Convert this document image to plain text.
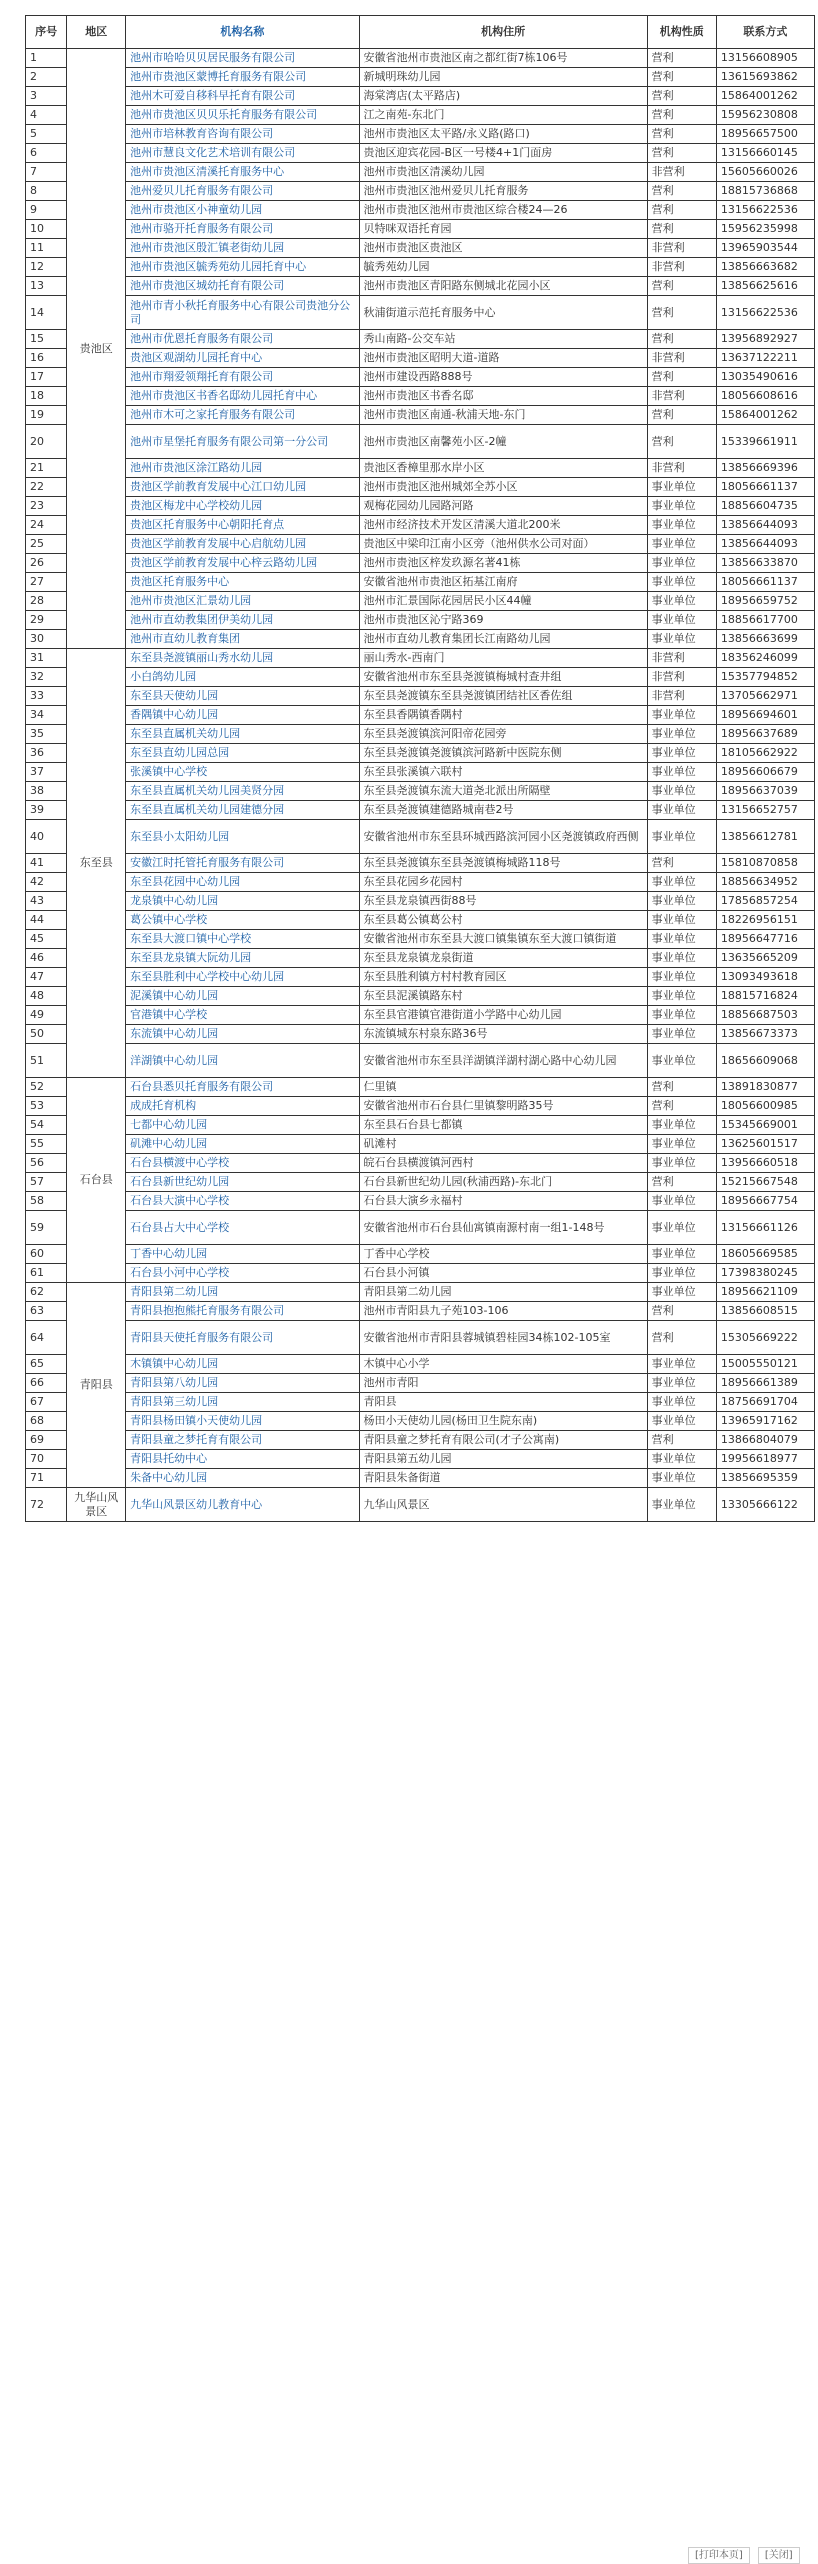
序号	地区	机构名称	机构住所	机构性质	联系方式
1	贵池区	池州市哈哈贝贝居民服务有限公司	安徽省池州市贵池区南之都红街7栋106号	营利	13156608905
2		池州市贵池区蒙博托育服务有限公司	新城明珠幼儿园	营利	13615693862
3		池州木可爱自移科早托育有限公司	海棠湾店(太平路店)	营利	15864001262
4		池州市贵池区贝贝乐托育服务有限公司	江之南苑-东北门	营利	15956230808
5		池州市培林教育咨询有限公司	池州市贵池区太平路/永义路(路口)	营利	18956657500
6		池州市慧良文化艺术培训有限公司	贵池区迎宾花园-B区一号楼4+1门面房	营利	13156660145
7		池州市贵池区清溪托育服务中心	池州市贵池区清溪幼儿园	非营利	15605660026
8		池州爱贝儿托育服务有限公司	池州市贵池区池州爱贝儿托育服务	营利	18815736868
9		池州市贵池区小神童幼儿园	池州市贵池区池州市贵池区综合楼24—26	营利	13156622536
10		池州市骆开托育服务有限公司	贝特咪双语托育园	营利	15956235998
11		池州市贵池区殷汇镇老街幼儿园	池州市贵池区贵池区	非营利	13965903544
12		池州市贵池区毓秀苑幼儿园托育中心	毓秀苑幼儿园	非营利	13856663682
13		池州市贵池区城幼托育有限公司	池州市贵池区青阳路东侧城北花园小区	营利	13856625616
14		池州市青小秋托育服务中心有限公司贵池分公司	秋浦街道示范托育服务中心	营利	13156622536
15		池州市优恩托育服务有限公司	秀山南路-公交车站	营利	13956892927
16		贵池区观湖幼儿园托育中心	池州市贵池区昭明大道-道路	非营利	13637122211
17		池州市翔爱领翔托育有限公司	池州市建设西路888号	营利	13035490616
18		池州市贵池区书香名邸幼儿园托育中心	池州市贵池区书香名邸	非营利	18056608616
19		池州市木可之家托育服务有限公司	池州市贵池区南通-秋浦天地-东门	营利	15864001262
20		池州市星堡托育服务有限公司第一分公司	池州市贵池区南馨苑小区-2幢	营利	15339661911
21		池州市贵池区涂江路幼儿园	贵池区香樟里那水岸小区	非营利	13856669396
22		贵池区学前教育发展中心江口幼儿园	池州市贵池区池州城郊全苏小区	事业单位	18056661137
23		贵池区梅龙中心学校幼儿园	观梅花园幼儿园路河路	事业单位	18856604735
24		贵池区托育服务中心朝阳托育点	池州市经济技术开发区清溪大道北200米	事业单位	13856644093
25		贵池区学前教育发展中心启航幼儿园	贵池区中梁印江南小区旁（池州供水公司对面）	事业单位	13856644093
26		贵池区学前教育发展中心梓云路幼儿园	池州市贵池区梓发玖源名著41栋	事业单位	13856633870
27		贵池区托育服务中心	安徽省池州市贵池区拓基江南府	事业单位	18056661137
28		池州市贵池区汇景幼儿园	池州市汇景国际花园居民小区44幢	事业单位	18956659752
29		池州市直幼教集团伊美幼儿园	池州市贵池区沁宁路369	事业单位	18856617700
30		池州市直幼儿教育集团	池州市直幼儿教育集团长江南路幼儿园	事业单位	13856663699
31	东至县	东至县尧渡镇丽山秀水幼儿园	丽山秀水-西南门	非营利	18356246099
32		小白鸽幼儿园	安徽省池州市东至县尧渡镇梅城村查井组	非营利	15357794852
33		东至县天使幼儿园	东至县尧渡镇东至县尧渡镇团结社区香佐组	非营利	13705662971
34		香隅镇中心幼儿园	东至县香隅镇香隅村	事业单位	18956694601
35		东至县直属机关幼儿园	东至县尧渡镇滨河阳帝花园旁	事业单位	18956637689
36		东至县直幼儿园总园	东至县尧渡镇尧渡镇滨河路新中医院东侧	事业单位	18105662922
37		张溪镇中心学校	东至县张溪镇六联村	事业单位	18956606679
38		东至县直属机关幼儿园美贤分园	东至县尧渡镇东流大道尧北派出所隔壁	事业单位	18956637039
39		东至县直属机关幼儿园建德分园	东至县尧渡镇建德路城南巷2号	事业单位	13156652757
40		东至县小太阳幼儿园	安徽省池州市东至县环城西路滨河园小区尧渡镇政府西侧	事业单位	13856612781
41		安徽江时托管托育服务有限公司	东至县尧渡镇东至县尧渡镇梅城路118号	营利	15810870858
42		东至县花园中心幼儿园	东至县花园乡花园村	事业单位	18856634952
43		龙泉镇中心幼儿园	东至县龙泉镇西街88号	事业单位	17856857254
44		葛公镇中心学校	东至县葛公镇葛公村	事业单位	18226956151
45		东至县大渡口镇中心学校	安徽省池州市东至县大渡口镇集镇东至大渡口镇街道	事业单位	18956647716
46		东至县龙泉镇大阮幼儿园	东至县龙泉镇龙泉街道	事业单位	13635665209
47		东至县胜利中心学校中心幼儿园	东至县胜利镇方村村教育园区	事业单位	13093493618
48		泥溪镇中心幼儿园	东至县泥溪镇路东村	事业单位	18815716824
49		官港镇中心学校	东至县官港镇官港街道小学路中心幼儿园	事业单位	18856687503
50		东流镇中心幼儿园	东流镇城东村泉东路36号	事业单位	13856673373
51		洋湖镇中心幼儿园	安徽省池州市东至县洋湖镇洋湖村湖心路中心幼儿园	事业单位	18656609068
52	石台县	石台县悉贝托育服务有限公司	仁里镇	营利	13891830877
53		成成托育机构	安徽省池州市石台县仁里镇黎明路35号	营利	18056600985
54		七都中心幼儿园	东至县石台县七都镇	事业单位	15345669001
55		矶滩中心幼儿园	矶滩村	事业单位	13625601517
56		石台县横渡中心学校	皖石台县横渡镇河西村	事业单位	13956660518
57		石台县新世纪幼儿园	石台县新世纪幼儿园(秋浦西路)-东北门	营利	15215667548
58		石台县大演中心学校	石台县大演乡永福村	事业单位	18956667754
59		石台县占大中心学校	安徽省池州市石台县仙寓镇南源村南一组1-148号	事业单位	13156661126
60		丁香中心幼儿园	丁香中心学校	事业单位	18605669585
61		石台县小河中心学校	石台县小河镇	事业单位	17398380245
62	青阳县	青阳县第二幼儿园	青阳县第二幼儿园	事业单位	18956621109
63		青阳县抱抱熊托育服务有限公司	池州市青阳县九子苑103-106	营利	13856608515
64		青阳县天使托育服务有限公司	安徽省池州市青阳县蓉城镇碧桂园34栋102-105室	营利	15305669222
65		木镇镇中心幼儿园	木镇中心小学	事业单位	15005550121
66		青阳县第八幼儿园	池州市青阳	事业单位	18956661389
67		青阳县第三幼儿园	青阳县	事业单位	18756691704
68		青阳县杨田镇小天使幼儿园	杨田小天使幼儿园(杨田卫生院东南)	事业单位	13965917162
69		青阳县童之梦托育有限公司	青阳县童之梦托育有限公司(才子公寓南)	营利	13866804079
70		青阳县托幼中心	青阳县第五幼儿园	事业单位	19956618977
71		朱备中心幼儿园	青阳县朱备街道	事业单位	13856695359
72	九华山风景区	九华山风景区幼儿教育中心	九华山风景区	事业单位	13305666122
[打印本页] [关闭]
